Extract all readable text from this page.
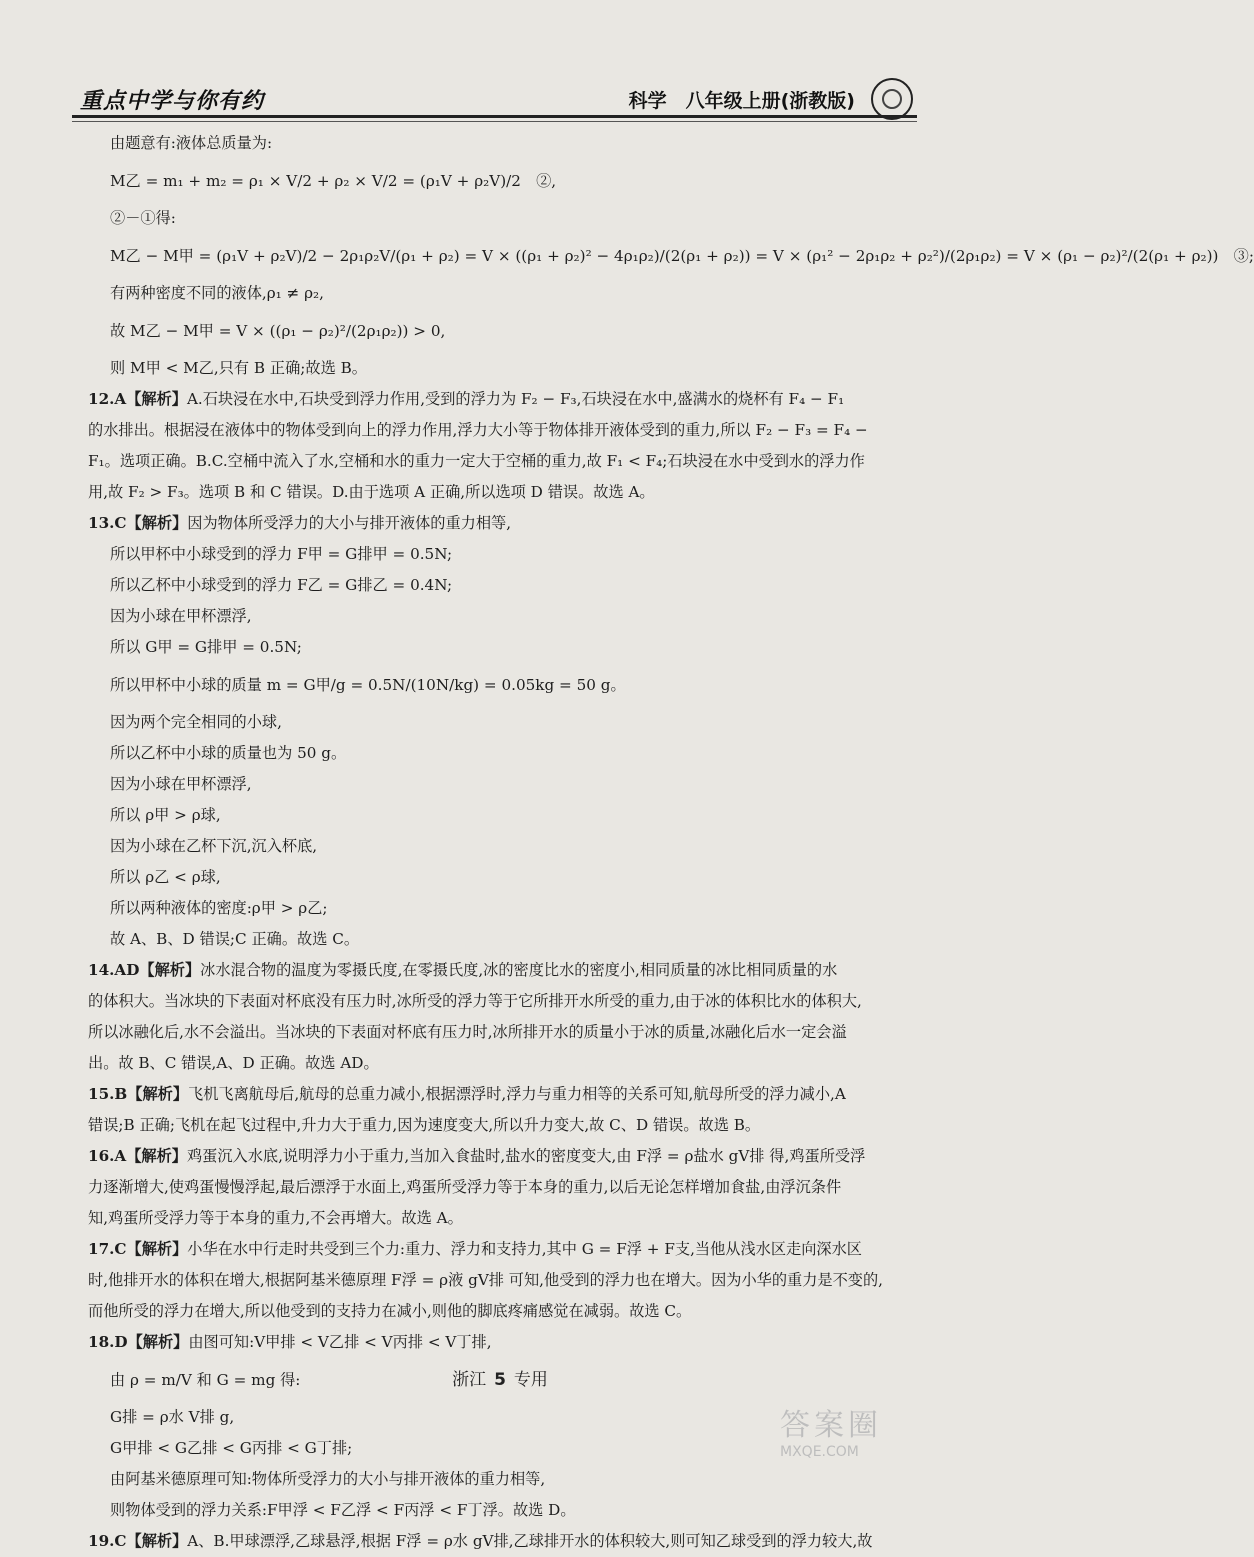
重点中学与你有约	科学　八年级上册(浙教版)
由题意有:液体总质量为:
M乙 = m₁ + m₂ = ρ₁ × V/2 + ρ₂ × V/2 = (ρ₁V + ρ₂V)/2　②,
②－①得:
M乙 − M甲 = (ρ₁V + ρ₂V)/2 − 2ρ₁ρ₂V/(ρ₁ + ρ₂) = V × ((ρ₁ + ρ₂)² − 4ρ₁ρ₂)/(2(ρ₁ + ρ₂)) = V × (ρ₁² − 2ρ₁ρ₂ + ρ₂²)/(2ρ₁ρ₂) = V × (ρ₁ − ρ₂)²/(2(ρ₁ + ρ₂))　③;
有两种密度不同的液体,ρ₁ ≠ ρ₂,
故 M乙 − M甲 = V × ((ρ₁ − ρ₂)²/(2ρ₁ρ₂)) > 0,
则 M甲 < M乙,只有 B 正确;故选 B。
12.A【解析】A.石块浸在水中,石块受到浮力作用,受到的浮力为 F₂ − F₃,石块浸在水中,盛满水的烧杯有 F₄ − F₁
的水排出。根据浸在液体中的物体受到向上的浮力作用,浮力大小等于物体排开液体受到的重力,所以 F₂ − F₃ = F₄ −
F₁。选项正确。B.C.空桶中流入了水,空桶和水的重力一定大于空桶的重力,故 F₁ < F₄;石块浸在水中受到水的浮力作
用,故 F₂ > F₃。选项 B 和 C 错误。D.由于选项 A 正确,所以选项 D 错误。故选 A。
13.C【解析】因为物体所受浮力的大小与排开液体的重力相等,
所以甲杯中小球受到的浮力 F甲 = G排甲 = 0.5N;
所以乙杯中小球受到的浮力 F乙 = G排乙 = 0.4N;
因为小球在甲杯漂浮,
所以 G甲 = G排甲 = 0.5N;
所以甲杯中小球的质量 m = G甲/g = 0.5N/(10N/kg) = 0.05kg = 50 g。
因为两个完全相同的小球,
所以乙杯中小球的质量也为 50 g。
因为小球在甲杯漂浮,
所以 ρ甲 > ρ球,
因为小球在乙杯下沉,沉入杯底,
所以 ρ乙 < ρ球,
所以两种液体的密度:ρ甲 > ρ乙;
故 A、B、D 错误;C 正确。故选 C。
14.AD【解析】冰水混合物的温度为零摄氏度,在零摄氏度,冰的密度比水的密度小,相同质量的冰比相同质量的水
的体积大。当冰块的下表面对杯底没有压力时,冰所受的浮力等于它所排开水所受的重力,由于冰的体积比水的体积大,
所以冰融化后,水不会溢出。当冰块的下表面对杯底有压力时,冰所排开水的质量小于冰的质量,冰融化后水一定会溢
出。故 B、C 错误,A、D 正确。故选 AD。
15.B【解析】飞机飞离航母后,航母的总重力减小,根据漂浮时,浮力与重力相等的关系可知,航母所受的浮力减小,A
错误;B 正确;飞机在起飞过程中,升力大于重力,因为速度变大,所以升力变大,故 C、D 错误。故选 B。
16.A【解析】鸡蛋沉入水底,说明浮力小于重力,当加入食盐时,盐水的密度变大,由 F浮 = ρ盐水 gV排 得,鸡蛋所受浮
力逐渐增大,使鸡蛋慢慢浮起,最后漂浮于水面上,鸡蛋所受浮力等于本身的重力,以后无论怎样增加食盐,由浮沉条件
知,鸡蛋所受浮力等于本身的重力,不会再增大。故选 A。
17.C【解析】小华在水中行走时共受到三个力:重力、浮力和支持力,其中 G = F浮 + F支,当他从浅水区走向深水区
时,他排开水的体积在增大,根据阿基米德原理 F浮 = ρ液 gV排 可知,他受到的浮力也在增大。因为小华的重力是不变的,
而他所受的浮力在增大,所以他受到的支持力在减小,则他的脚底疼痛感觉在减弱。故选 C。
18.D【解析】由图可知:V甲排 < V乙排 < V丙排 < V丁排,
由 ρ = m/V 和 G = mg 得:
G排 = ρ水 V排 g,
G甲排 < G乙排 < G丙排 < G丁排;
由阿基米德原理可知:物体所受浮力的大小与排开液体的重力相等,
则物体受到的浮力关系:F甲浮 < F乙浮 < F丙浮 < F丁浮。故选 D。
19.C【解析】A、B.甲球漂浮,乙球悬浮,根据 F浮 = ρ水 gV排,乙球排开水的体积较大,则可知乙球受到的浮力较大,故
浙江 5 专用
答案圈
MXQE.COM
